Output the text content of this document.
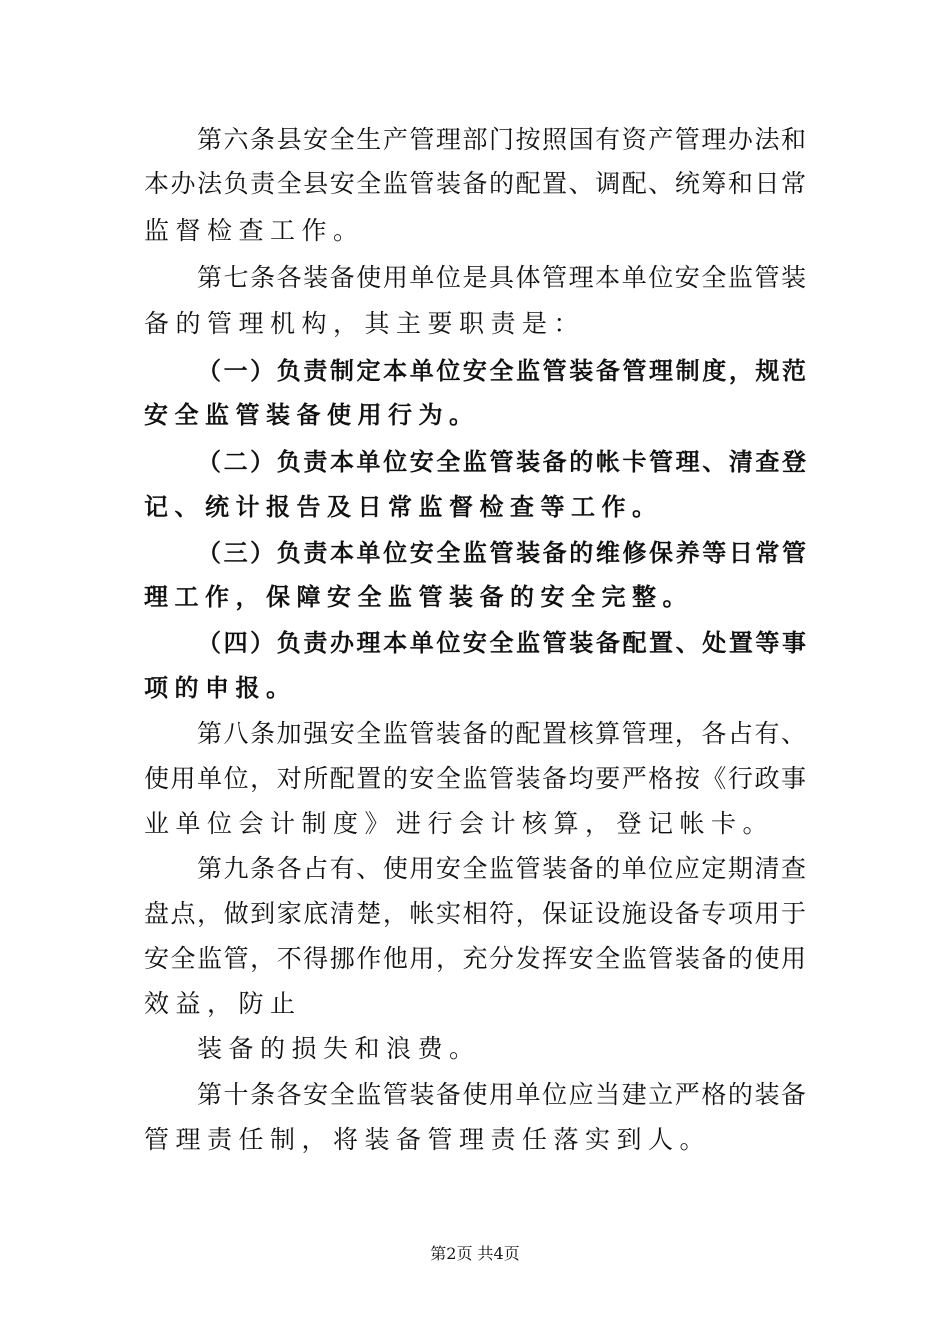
第六条县安全生产管理部门按照国有资产管理办法和
本办法负责全县安全监管装备的配置、调配、统筹和日常
监督检查工作。
第七条各装备使用单位是具体管理本单位安全监管装
备的管理机构，其主要职责是：
（一）负责制定本单位安全监管装备管理制度，规范
安全监管装备使用行为。
（二）负责本单位安全监管装备的帐卡管理、清查登
记、统计报告及日常监督检查等工作。
（三）负责本单位安全监管装备的维修保养等日常管
理工作，保障安全监管装备的安全完整。
（四）负责办理本单位安全监管装备配置、处置等事
项的申报。
第八条加强安全监管装备的配置核算管理，各占有、
使用单位，对所配置的安全监管装备均要严格按《行政事
业单位会计制度》进行会计核算，登记帐卡。
第九条各占有、使用安全监管装备的单位应定期清查
盘点，做到家底清楚，帐实相符，保证设施设备专项用于
安全监管，不得挪作他用，充分发挥安全监管装备的使用
效益，防止
装备的损失和浪费。
第十条各安全监管装备使用单位应当建立严格的装备
管理责任制，将装备管理责任落实到人。
第2页 共4页
